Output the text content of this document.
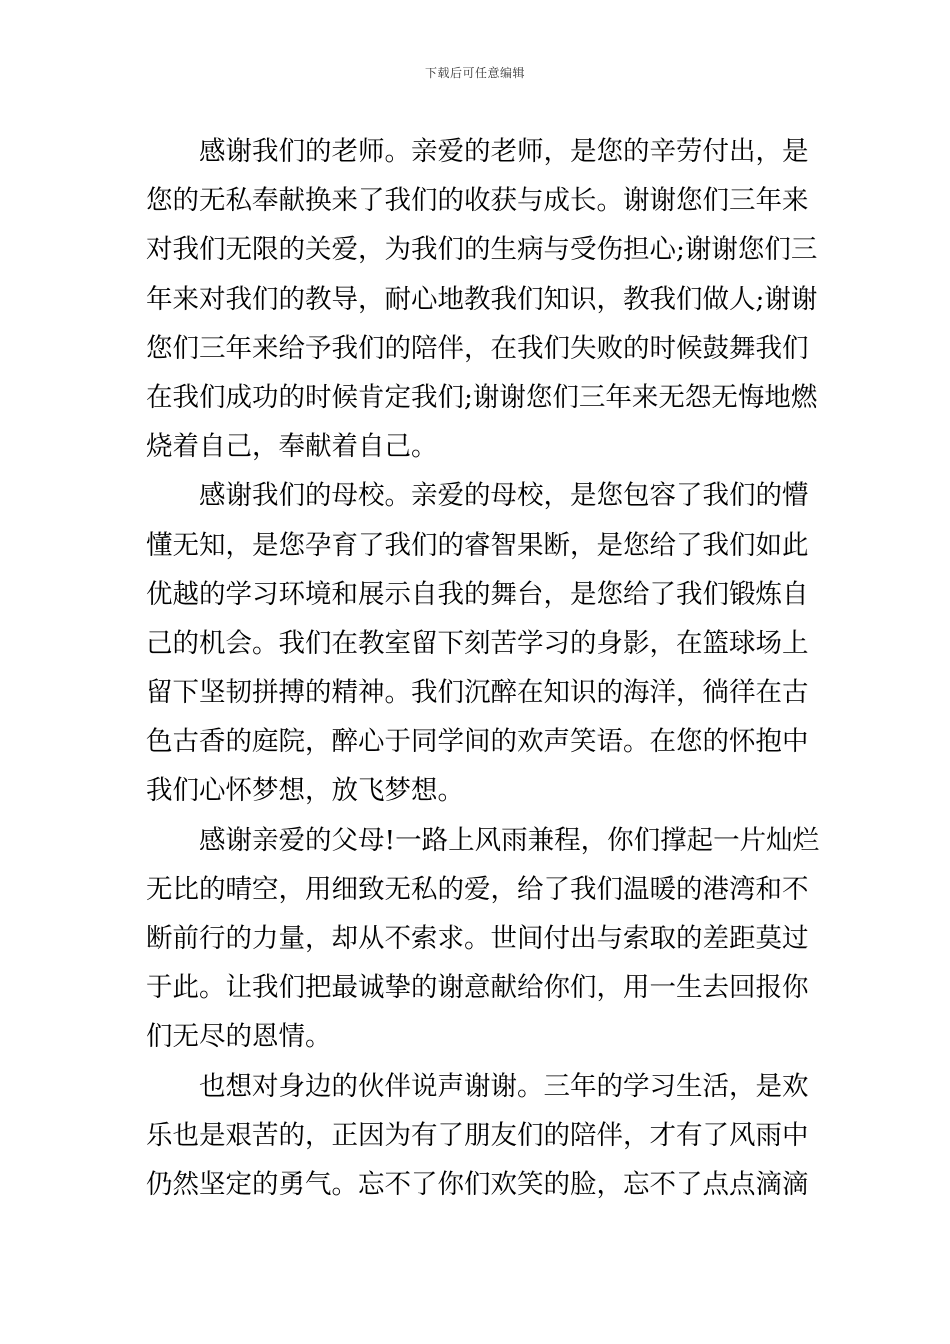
下载后可任意编辑
感谢我们的老师。亲爱的老师，是您的辛劳付出，是
您的无私奉献换来了我们的收获与成长。谢谢您们三年来
对我们无限的关爱，为我们的生病与受伤担心;谢谢您们三
年来对我们的教导，耐心地教我们知识，教我们做人;谢谢
您们三年来给予我们的陪伴，在我们失败的时候鼓舞我们
在我们成功的时候肯定我们;谢谢您们三年来无怨无悔地燃
烧着自己，奉献着自己。
感谢我们的母校。亲爱的母校，是您包容了我们的懵
懂无知，是您孕育了我们的睿智果断，是您给了我们如此
优越的学习环境和展示自我的舞台，是您给了我们锻炼自
己的机会。我们在教室留下刻苦学习的身影，在篮球场上
留下坚韧拼搏的精神。我们沉醉在知识的海洋，徜徉在古
色古香的庭院，醉心于同学间的欢声笑语。在您的怀抱中
我们心怀梦想，放飞梦想。
感谢亲爱的父母!一路上风雨兼程，你们撑起一片灿烂
无比的晴空，用细致无私的爱，给了我们温暖的港湾和不
断前行的力量，却从不索求。世间付出与索取的差距莫过
于此。让我们把最诚挚的谢意献给你们，用一生去回报你
们无尽的恩情。
也想对身边的伙伴说声谢谢。三年的学习生活，是欢
乐也是艰苦的，正因为有了朋友们的陪伴，才有了风雨中
仍然坚定的勇气。忘不了你们欢笑的脸，忘不了点点滴滴
